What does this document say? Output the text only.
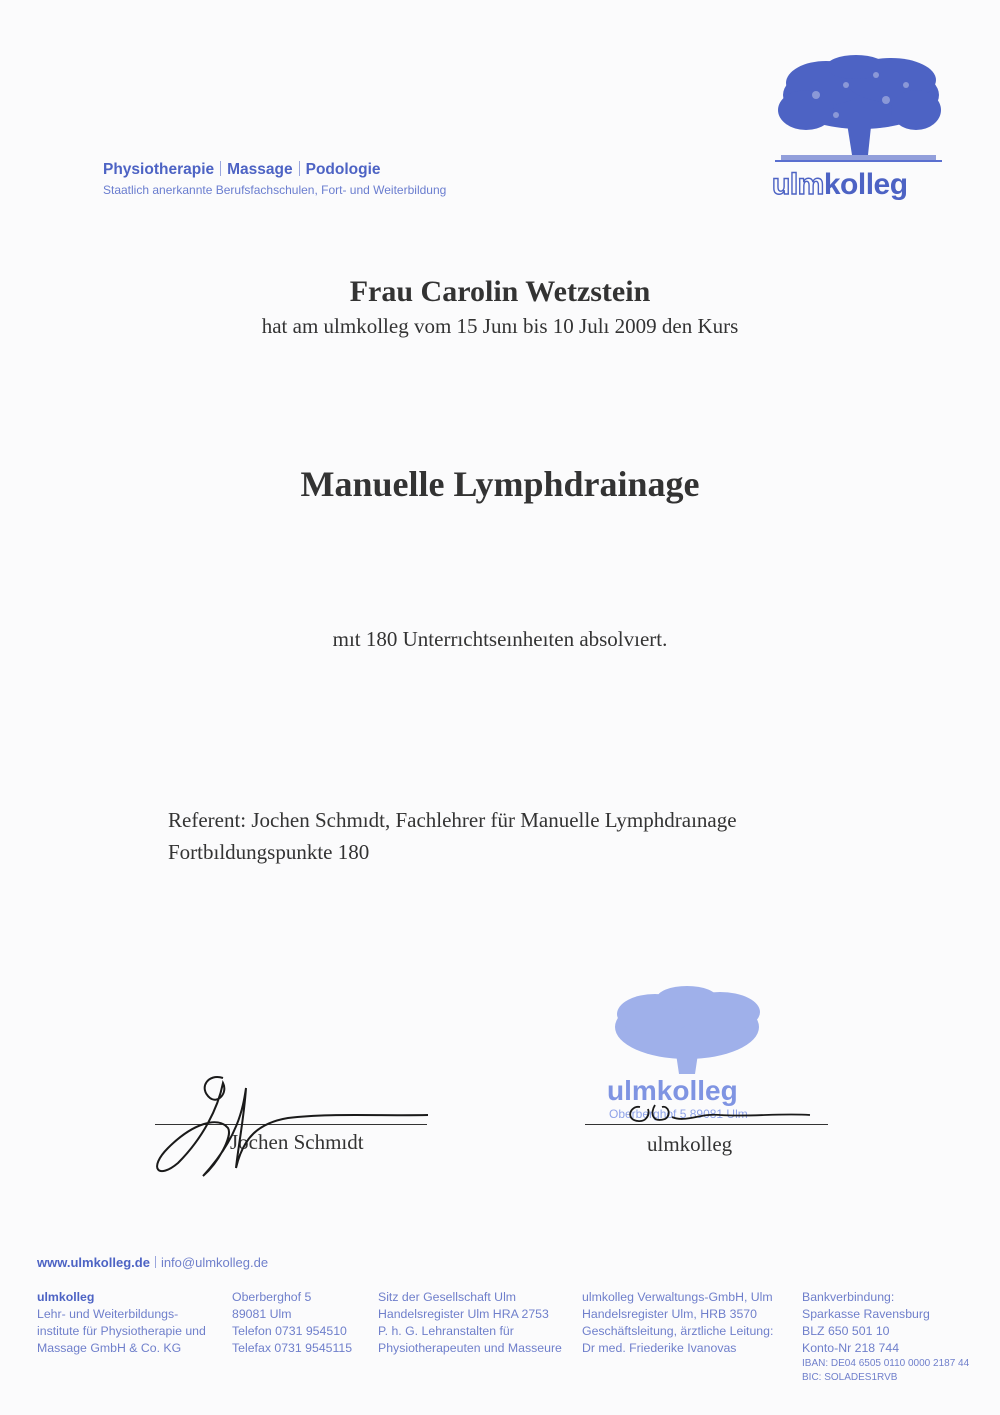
Physiotherapie Massage Podologie
Staatlich anerkannte Berufsfachschulen, Fort- und Weiterbildung	ulmkolleg
Frau Carolin Wetzstein
hat am ulmkolleg vom 15 Junı bis 10 Julı 2009 den Kurs
Manuelle Lymphdrainage
mıt 180 Unterrıchtseınheıten absolvıert.
Referent: Jochen Schmıdt, Fachlehrer für Manuelle Lymphdraınage
Fortbıldungspunkte 180
ulmkolleg
Oberberghof 5 89081 Ulm
Jochen Schmıdt	ulmkolleg
www.ulmkolleg.de info@ulmkolleg.de
ulmkolleg
Lehr- und Weiterbildungs-
institute für Physiotherapie und
Massage GmbH & Co. KG
Oberberghof 5
89081 Ulm
Telefon 0731 954510
Telefax 0731 9545115
Sitz der Gesellschaft Ulm
Handelsregister Ulm HRA 2753
P. h. G. Lehranstalten für
Physiotherapeuten und Masseure
ulmkolleg Verwaltungs-GmbH, Ulm
Handelsregister Ulm, HRB 3570
Geschäftsleitung, ärztliche Leitung:
Dr med. Friederike Ivanovas
Bankverbindung:
Sparkasse Ravensburg
BLZ 650 501 10
Konto-Nr 218 744
IBAN: DE04 6505 0110 0000 2187 44
BIC: SOLADES1RVB
